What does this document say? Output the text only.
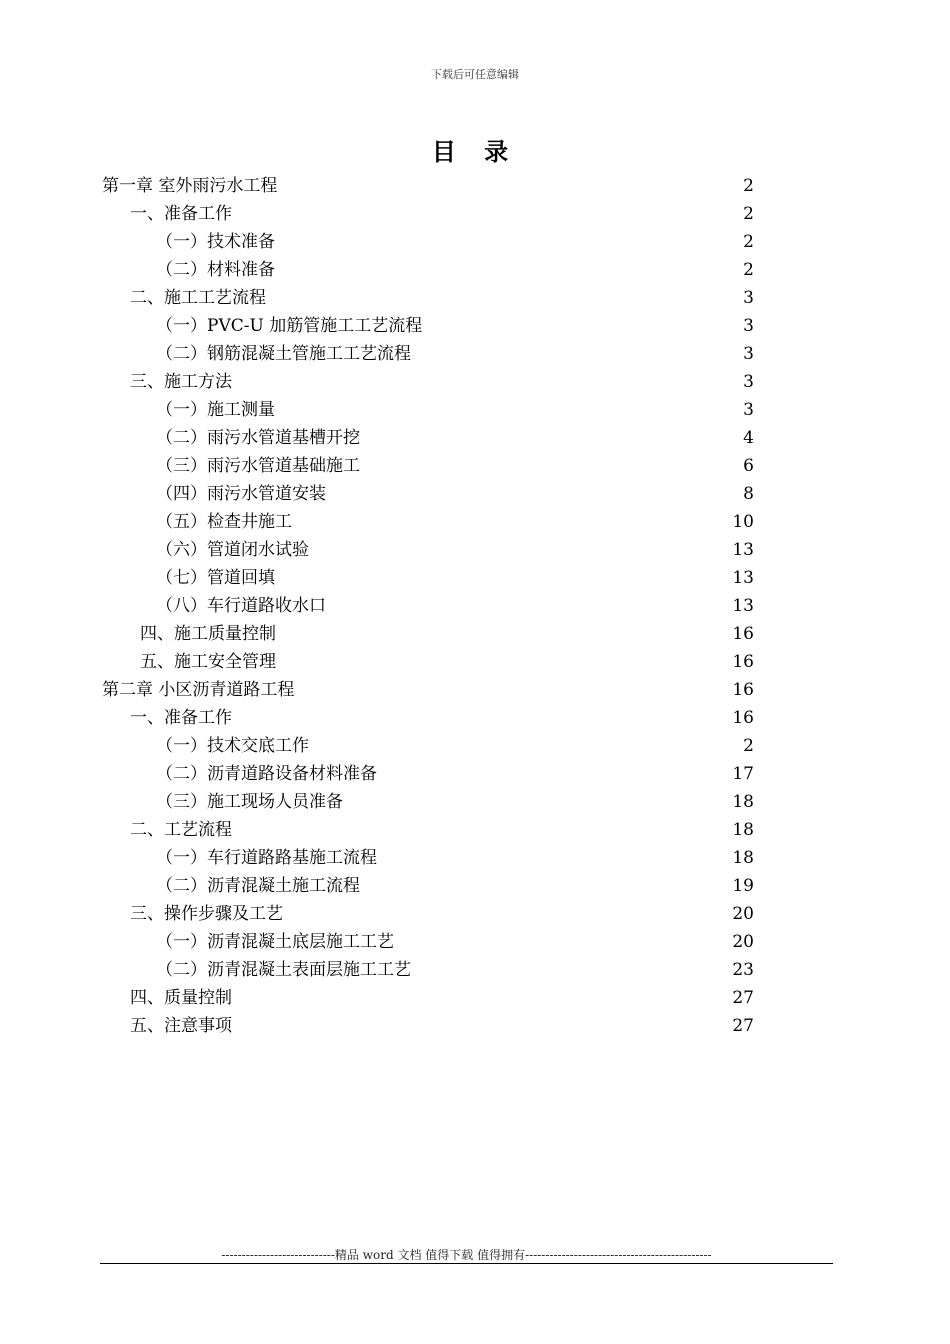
下载后可任意编辑
目 录
第一章 室外雨污水工程	2
一、准备工作	2
（一）技术准备	2
（二）材料准备	2
二、施工工艺流程	3
（一）PVC-U 加筋管施工工艺流程	3
（二）钢筋混凝土管施工工艺流程	3
三、施工方法	3
（一）施工测量	3
（二）雨污水管道基槽开挖	4
（三）雨污水管道基础施工	6
（四）雨污水管道安装	8
（五）检查井施工	10
（六）管道闭水试验	13
（七）管道回填	13
（八）车行道路收水口	13
四、施工质量控制	16
五、施工安全管理	16
第二章 小区沥青道路工程	16
一、准备工作	16
（一）技术交底工作	2
（二）沥青道路设备材料准备	17
（三）施工现场人员准备	18
二、工艺流程	18
（一）车行道路路基施工流程	18
（二）沥青混凝土施工流程	19
三、操作步骤及工艺	20
（一）沥青混凝土底层施工工艺	20
（二）沥青混凝土表面层施工工艺	23
四、质量控制	27
五、注意事项	27
----------------------------精品 word 文档 值得下载 值得拥有----------------------------------------------
